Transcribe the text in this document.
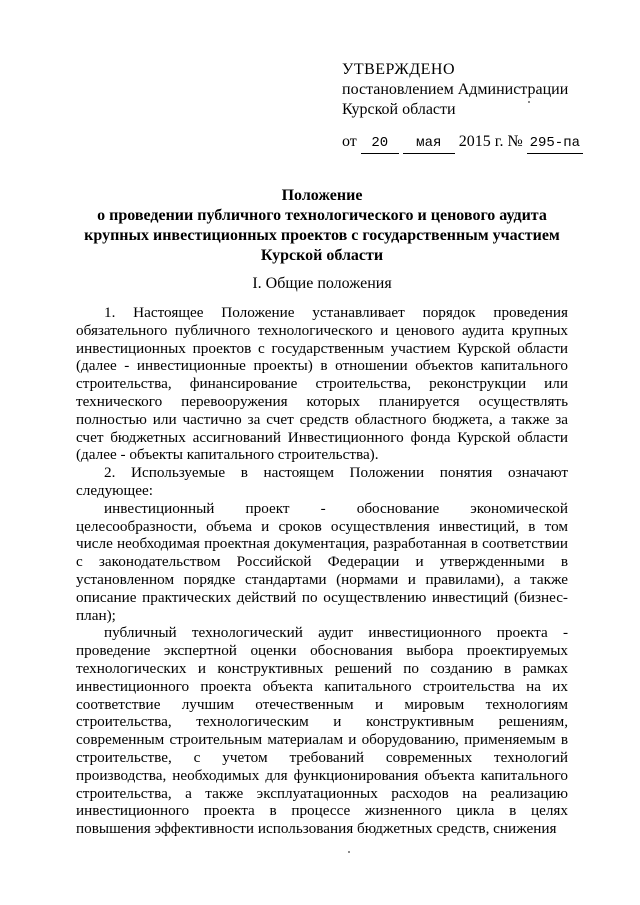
УТВЕРЖДЕНО
постановлением Администрации
Курской области
от 20 мая 2015 г. № 295-па
Положение
о проведении публичного технологического и ценового аудита
крупных инвестиционных проектов с государственным участием
Курской области
I. Общие положения

1. Настоящее Положение устанавливает порядок проведения обязательного публичного технологического и ценового аудита крупных инвестиционных проектов с государственным участием Курской области (далее - инвестиционные проекты) в отношении объектов капитального строительства, финансирование строительства, реконструкции или технического перевооружения которых планируется осуществлять полностью или частично за счет средств областного бюджета, а также за счет бюджетных ассигнований Инвестиционного фонда Курской области (далее - объекты капитального строительства).

2. Используемые в настоящем Положении понятия означают следующее:

инвестиционный проект - обоснование экономической целесообразности, объема и сроков осуществления инвестиций, в том числе необходимая проектная документация, разработанная в соответствии с законодательством Российской Федерации и утвержденными в установленном порядке стандартами (нормами и правилами), а также описание практических действий по осуществлению инвестиций (бизнес-план);

публичный технологический аудит инвестиционного проекта - проведение экспертной оценки обоснования выбора проектируемых технологических и конструктивных решений по созданию в рамках инвестиционного проекта объекта капитального строительства на их соответствие лучшим отечественным и мировым технологиям строительства, технологическим и конструктивным решениям, современным строительным материалам и оборудованию, применяемым в строительстве, с учетом требований современных технологий производства, необходимых для функционирования объекта капитального строительства, а также эксплуатационных расходов на реализацию инвестиционного проекта в процессе жизненного цикла в целях повышения эффективности использования бюджетных средств, снижения
